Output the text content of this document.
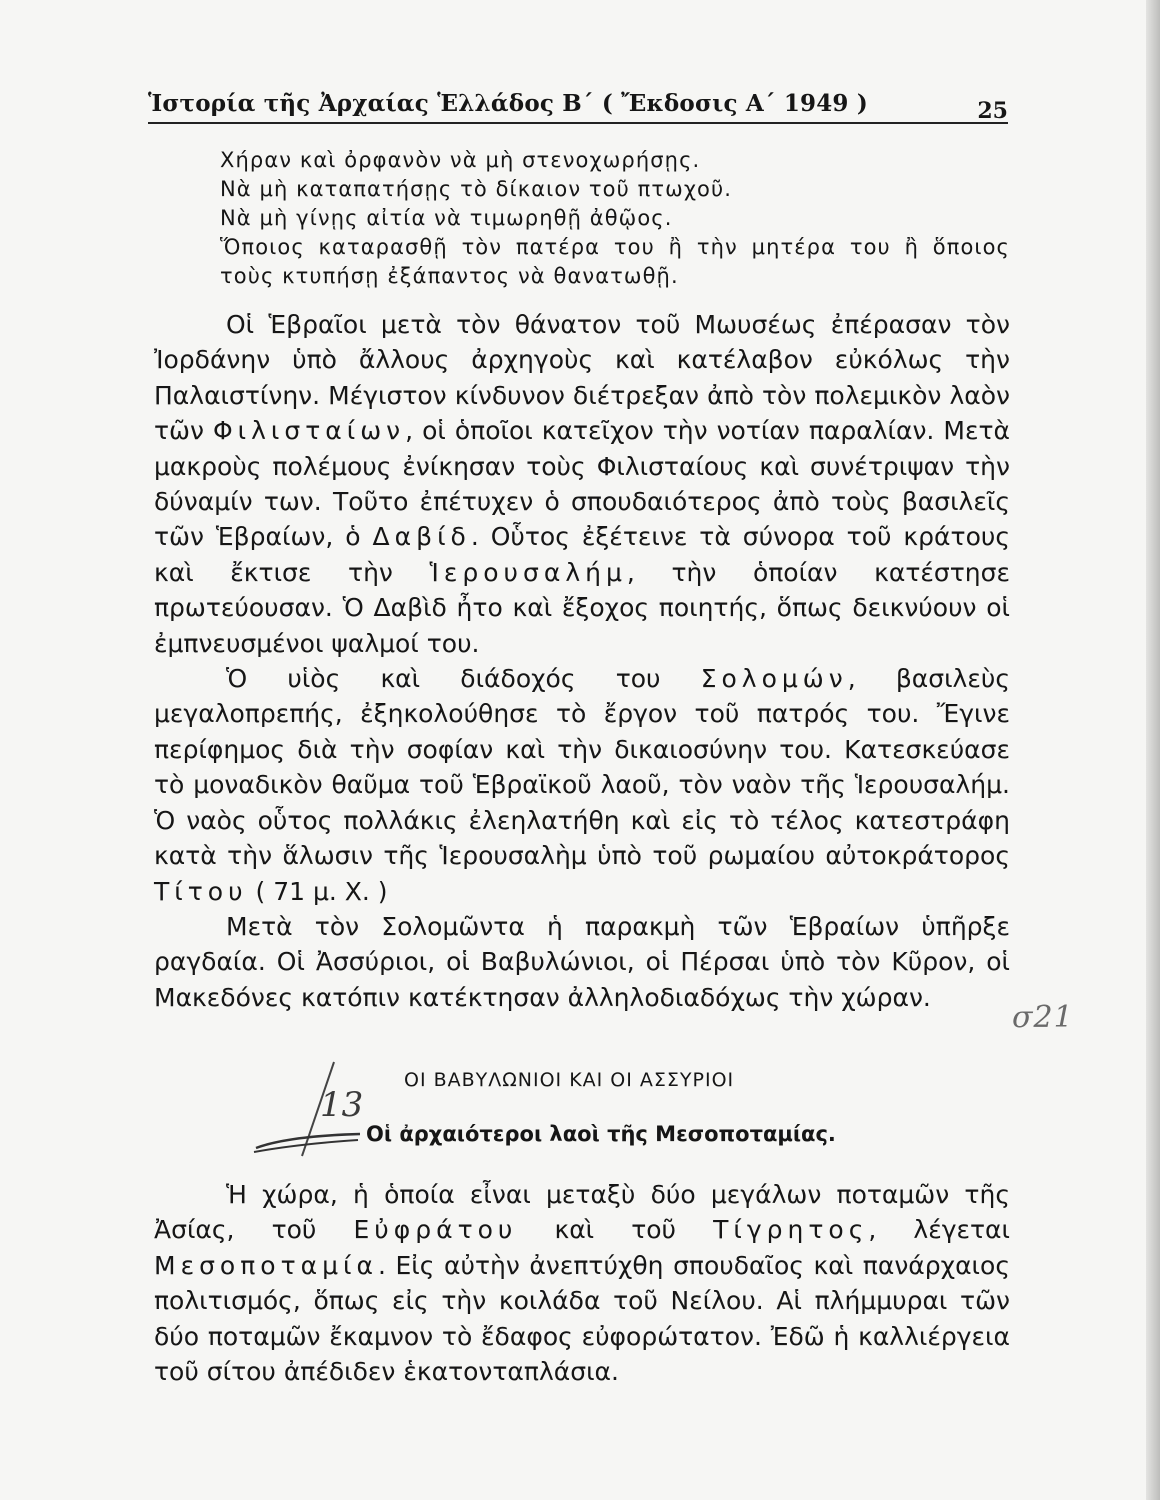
Ἱστορία τῆς Ἀρχαίας Ἑλλάδος Β΄ ( Ἔκδοσις Α΄ 1949 )	25

Χήραν καὶ ὀρφανὸν νὰ μὴ στενοχωρήσῃς.

Νὰ μὴ καταπατήσῃς τὸ δίκαιον τοῦ πτωχοῦ.

Νὰ μὴ γίνῃς αἰτία νὰ τιμωρηθῇ ἀθῷος.

Ὅποιος καταρασθῇ τὸν πατέρα του ἢ τὴν μητέρα του ἢ ὅποιος

τοὺς κτυπήσῃ ἐξάπαντος νὰ θανατωθῇ.

Οἱ Ἑβραῖοι μετὰ τὸν θάνατον τοῦ Μωυσέως ἐπέρασαν τὸν Ἰορδάνην ὑπὸ ἄλλους ἀρχηγοὺς καὶ κατέλαβον εὐκόλως τὴν Παλαιστίνην. Μέγιστον κίνδυνον διέτρεξαν ἀπὸ τὸν πολεμικὸν λαὸν τῶν Φιλισταίων, οἱ ὁποῖοι κατεῖχον τὴν νοτίαν παραλίαν. Μετὰ μακροὺς πολέμους ἐνίκησαν τοὺς Φιλισταίους καὶ συνέτριψαν τὴν δύναμίν των. Τοῦτο ἐπέτυχεν ὁ σπουδαιότερος ἀπὸ τοὺς βασιλεῖς τῶν Ἑβραίων, ὁ Δαβίδ. Οὗτος ἐξέτεινε τὰ σύνορα τοῦ κράτους καὶ ἔκτισε τὴν Ἱερουσαλήμ, τὴν ὁποίαν κατέστησε πρωτεύουσαν. Ὁ Δαβὶδ ἦτο καὶ ἔξοχος ποιητής, ὅπως δεικνύουν οἱ ἐμπνευσμένοι ψαλμοί του.

Ὁ υἱὸς καὶ διάδοχός του Σολομών, βασιλεὺς μεγαλοπρεπής, ἐξηκολούθησε τὸ ἔργον τοῦ πατρός του. Ἔγινε περίφημος διὰ τὴν σοφίαν καὶ τὴν δικαιοσύνην του. Κατεσκεύασε τὸ μοναδικὸν θαῦμα τοῦ Ἑβραϊκοῦ λαοῦ, τὸν ναὸν τῆς Ἱερουσαλήμ. Ὁ ναὸς οὗτος πολλάκις ἐλεηλατήθη καὶ εἰς τὸ τέλος κατεστράφη κατὰ τὴν ἅλωσιν τῆς Ἱερουσαλὴμ ὑπὸ τοῦ ρωμαίου αὐτοκράτορος Τίτου ( 71 μ. Χ. )

Μετὰ τὸν Σολομῶντα ἡ παρακμὴ τῶν Ἑβραίων ὑπῆρξε ραγδαία. Οἱ Ἀσσύριοι, οἱ Βαβυλώνιοι, οἱ Πέρσαι ὑπὸ τὸν Κῦρον, οἱ Μακεδόνες κατόπιν κατέκτησαν ἀλληλοδιαδόχως τὴν χώραν.

σ21
13
ΟΙ ΒΑΒΥΛΩΝΙΟΙ ΚΑΙ ΟΙ ΑΣΣΥΡΙΟΙ
Οἱ ἀρχαιότεροι λαοὶ τῆς Μεσοποταμίας.

Ἡ χώρα, ἡ ὁποία εἶναι μεταξὺ δύο μεγάλων ποταμῶν τῆς Ἀσίας, τοῦ Εὐφράτου καὶ τοῦ Τίγρητος, λέγεται Μεσοποταμία. Εἰς αὐτὴν ἀνεπτύχθη σπουδαῖος καὶ πανάρχαιος πολιτισμός, ὅπως εἰς τὴν κοιλάδα τοῦ Νείλου. Αἱ πλήμμυραι τῶν δύο ποταμῶν ἔκαμνον τὸ ἔδαφος εὐφορώτατον. Ἐδῶ ἡ καλλιέργεια τοῦ σίτου ἀπέδιδεν ἑκατονταπλάσια.
